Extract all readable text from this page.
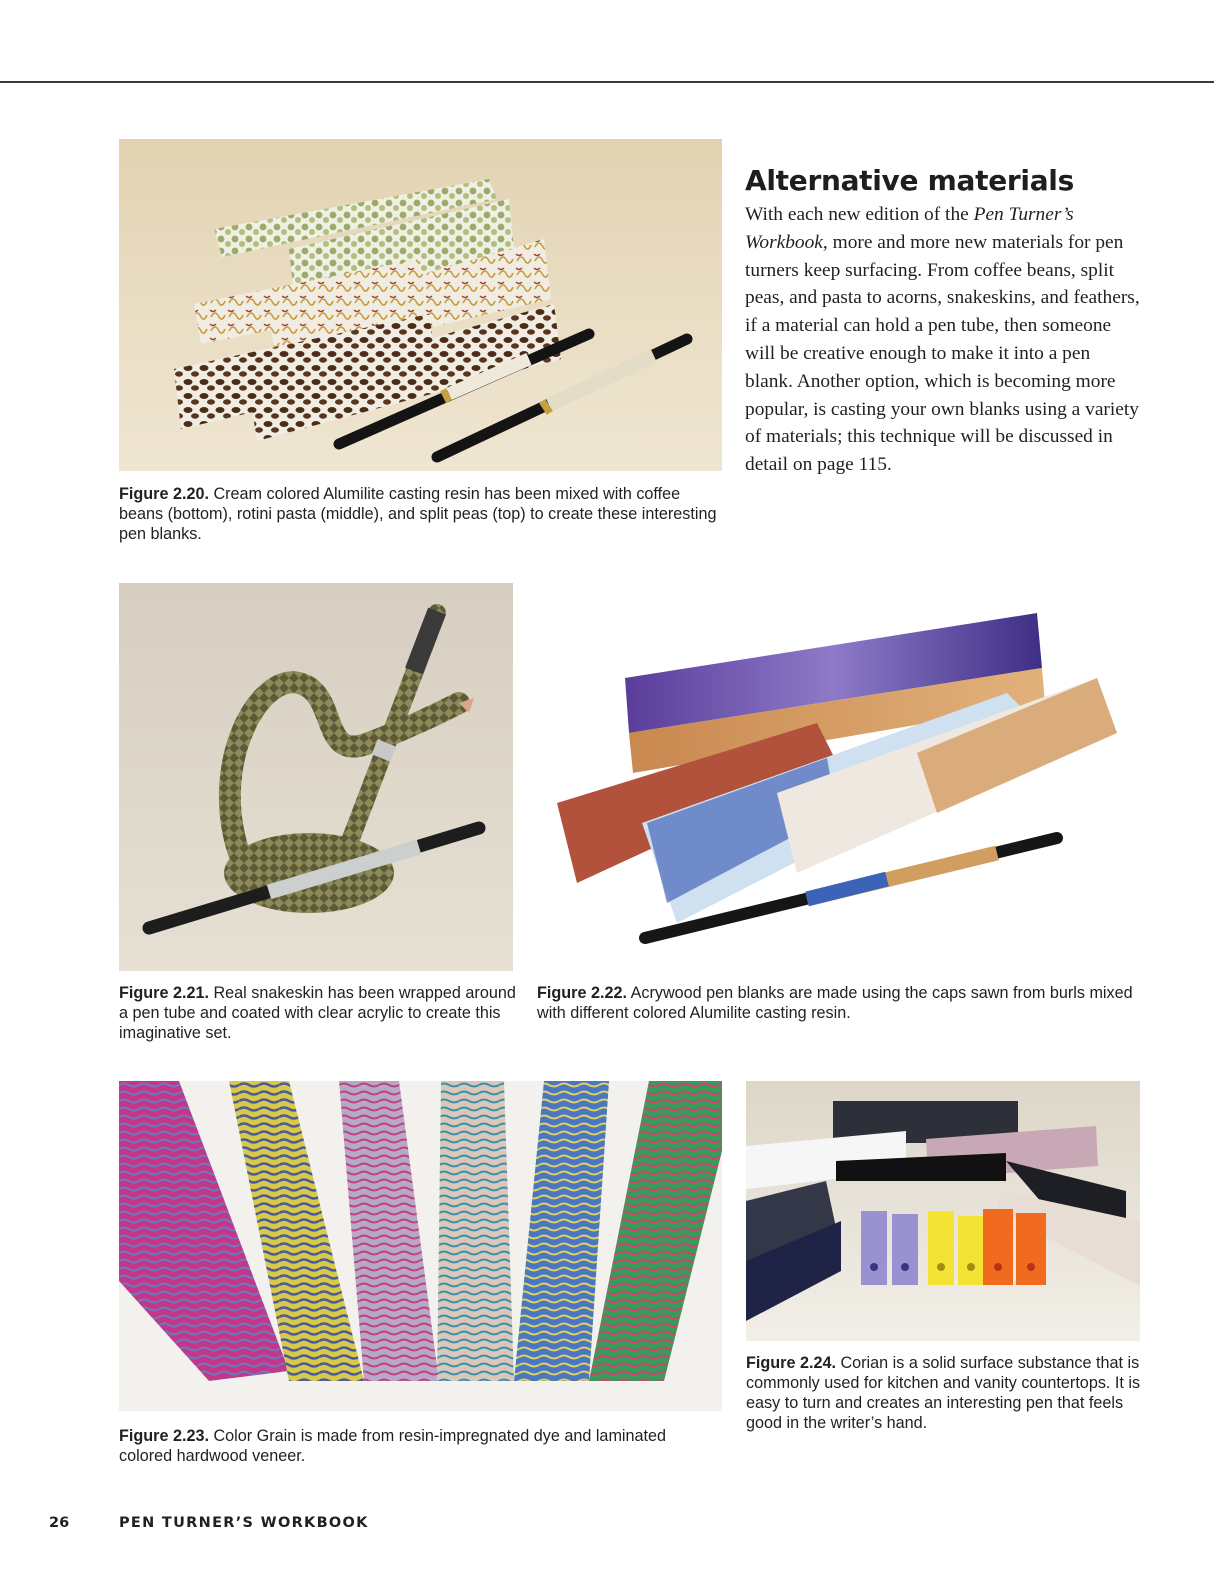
Figure 2.20. Cream colored Alumilite casting resin has been mixed with coffee beans (bottom), rotini pasta (middle), and split peas (top) to create these interesting pen blanks.
Alternative materials
With each new edition of the Pen Turner’s Workbook, more and more new materials for pen turners keep surfacing. From coffee beans, split peas, and pasta to acorns, snakeskins, and feathers, if a material can hold a pen tube, then someone will be creative enough to make it into a pen blank. Another option, which is becoming more popular, is casting your own blanks using a variety of materials; this technique will be discussed in detail on page 115.
Figure 2.21. Real snakeskin has been wrapped around a pen tube and coated with clear acrylic to create this imaginative set.
Figure 2.22. Acrywood pen blanks are made using the caps sawn from burls mixed with different colored Alumilite casting resin.
Figure 2.23. Color Grain is made from resin-impregnated dye and laminated colored hardwood veneer.
Figure 2.24. Corian is a solid surface substance that is commonly used for kitchen and vanity countertops. It is easy to turn and creates an interesting pen that feels good in the writer’s hand.
26	PEN TURNER’S WORKBOOK
